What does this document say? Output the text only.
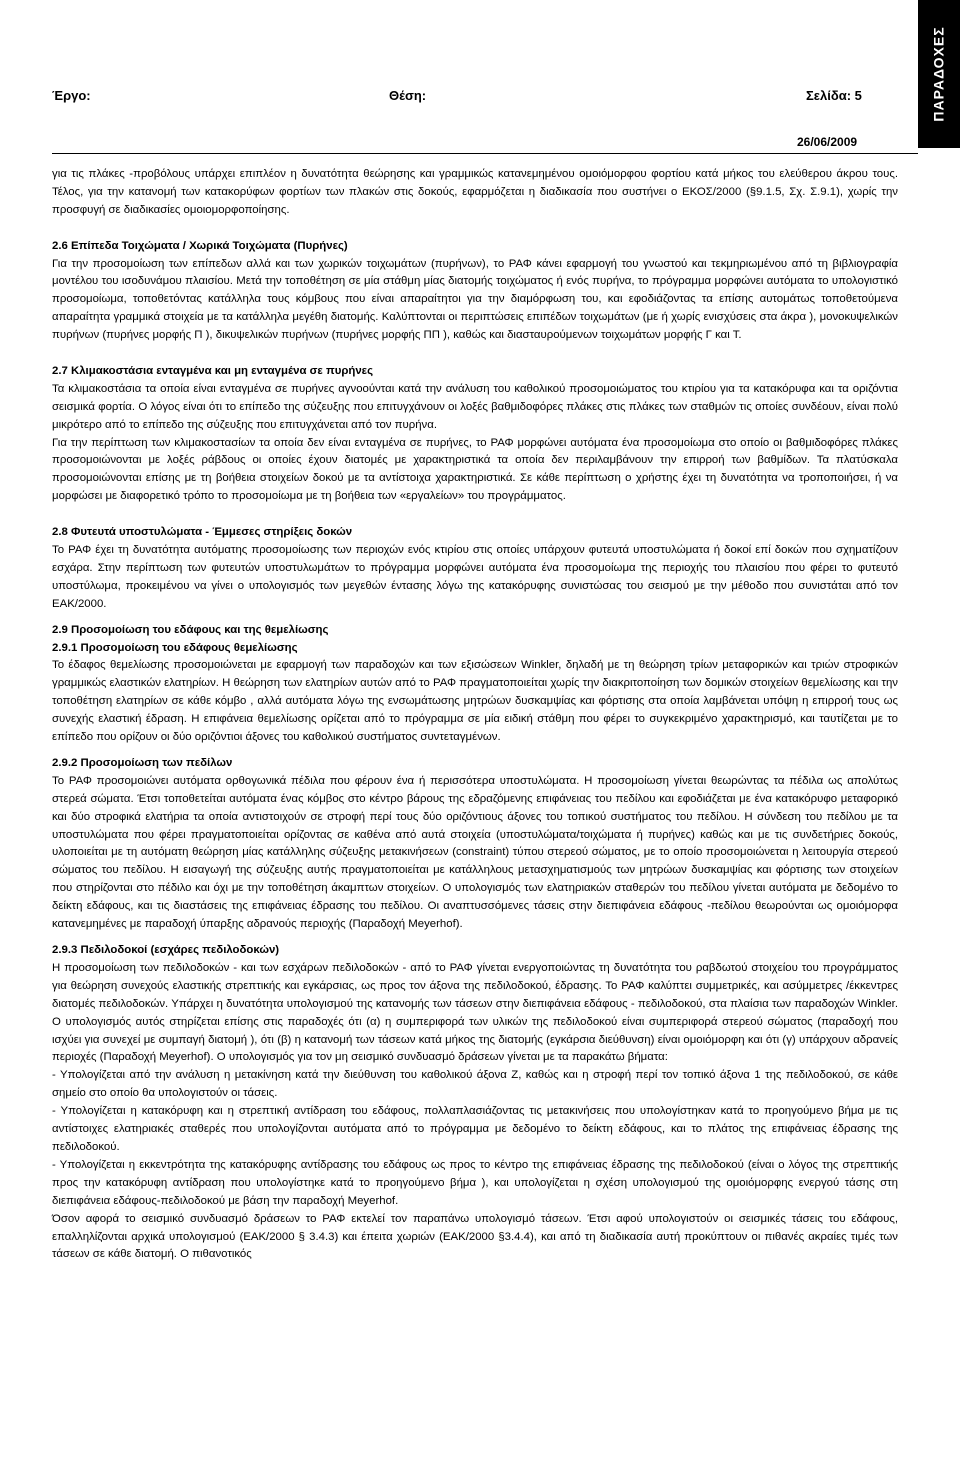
ΠΑΡΑΔΟΧΕΣ
Έργο:	Θέση:	Σελίδα: 5
26/06/2009

για τις πλάκες -προβόλους υπάρχει επιπλέον η δυνατότητα θεώρησης και γραμμικώς κατανεμημένου ομοιόμορφου φορτίου κατά μήκος του ελεύθερου άκρου τους. Τέλος, για την κατανομή των κατακορύφων φορτίων των πλακών στις δοκούς, εφαρμόζεται η διαδικασία που συστήνει ο ΕΚΟΣ/2000 (§9.1.5, Σχ. Σ.9.1), χωρίς την προσφυγή σε διαδικασίες ομοιομορφοποίησης.

2.6 Επίπεδα Τοιχώματα / Χωρικά Τοιχώματα (Πυρήνες)

Για την προσομοίωση των επίπεδων αλλά και των χωρικών τοιχωμάτων (πυρήνων), το ΡΑΦ κάνει εφαρμογή του γνωστού και τεκμηριωμένου από τη βιβλιογραφία μοντέλου του ισοδυνάμου πλαισίου. Μετά την τοποθέτηση σε μία στάθμη μίας διατομής τοιχώματος ή ενός πυρήνα, το πρόγραμμα μορφώνει αυτόματα το υπολογιστικό προσομοίωμα, τοποθετόντας κατάλληλα τους κόμβους που είναι απαραίτητοι για την διαμόρφωση του, και εφοδιάζοντας τα επίσης αυτομάτως τοποθετούμενα απαραίτητα γραμμικά στοιχεία με τα κατάλληλα μεγέθη διατομής. Καλύπτονται οι περιπτώσεις επιπέδων τοιχωμάτων (με ή χωρίς ενισχύσεις στα άκρα ), μονοκυψελικών πυρήνων (πυρήνες μορφής Π ), δικυψελικών πυρήνων (πυρήνες μορφής ΠΠ ), καθώς και διασταυρούμενων τοιχωμάτων μορφής Γ και Τ.

2.7 Κλιμακοστάσια ενταγμένα και μη ενταγμένα σε πυρήνες

Τα κλιμακοστάσια τα οποία είναι ενταγμένα σε πυρήνες αγνοούνται κατά την ανάλυση του καθολικού προσομοιώματος του κτιρίου για τα κατακόρυφα και τα οριζόντια σεισμικά φορτία. Ο λόγος είναι ότι το επίπεδο της σύζευξης που επιτυγχάνουν οι λοξές βαθμιδοφόρες πλάκες στις πλάκες των σταθμών τις οποίες συνδέουν, είναι πολύ μικρότερο από το επίπεδο της σύζευξης που επιτυγχάνεται από τον πυρήνα.

Για την περίπτωση των κλιμακοστασίων τα οποία δεν είναι ενταγμένα σε πυρήνες, το ΡΑΦ μορφώνει αυτόματα ένα προσομοίωμα στο οποίο οι βαθμιδοφόρες πλάκες προσομοιώνονται με λοξές ράβδους οι οποίες έχουν διατομές με χαρακτηριστικά τα οποία δεν περιλαμβάνουν την επιρροή των βαθμίδων. Τα πλατύσκαλα προσομοιώνονται επίσης με τη βοήθεια στοιχείων δοκού με τα αντίστοιχα χαρακτηριστικά. Σε κάθε περίπτωση ο χρήστης έχει τη δυνατότητα να τροποποιήσει, ή να μορφώσει με διαφορετικό τρόπο το προσομοίωμα με τη βοήθεια των «εργαλείων» του προγράμματος.

2.8 Φυτευτά υποστυλώματα - Έμμεσες στηρίξεις δοκών

Το ΡΑΦ έχει τη δυνατότητα αυτόματης προσομοίωσης των περιοχών ενός κτιρίου στις οποίες υπάρχουν φυτευτά υποστυλώματα ή δοκοί επί δοκών που σχηματίζουν εσχάρα. Στην περίπτωση των φυτευτών υποστυλωμάτων το πρόγραμμα μορφώνει αυτόματα ένα προσομοίωμα της περιοχής του πλαισίου που φέρει το φυτευτό υποστύλωμα, προκειμένου να γίνει ο υπολογισμός των μεγεθών έντασης λόγω της κατακόρυφης συνιστώσας του σεισμού με την μέθοδο που συνιστάται από τον ΕΑΚ/2000.

2.9 Προσομοίωση του εδάφους και της θεμελίωσης

2.9.1 Προσομοίωση του εδάφους θεμελίωσης

Το έδαφος θεμελίωσης προσομοιώνεται με εφαρμογή των παραδοχών και των εξισώσεων Winkler, δηλαδή με τη θεώρηση τρίων μεταφορικών και τριών στροφικών γραμμικώς ελαστικών ελατηρίων. Η θεώρηση των ελατηρίων αυτών από το ΡΑΦ πραγματοποιείται χωρίς την διακριτοποίηση των δομικών στοιχείων θεμελίωσης και την τοποθέτηση ελατηρίων σε κάθε κόμβο , αλλά αυτόματα λόγω της ενσωμάτωσης μητρώων δυσκαμψίας και φόρτισης στα οποία λαμβάνεται υπόψη η επιρροή τους ως συνεχής ελαστική έδραση. Η επιφάνεια θεμελίωσης ορίζεται από το πρόγραμμα σε μία ειδική στάθμη που φέρει το συγκεκριμένο χαρακτηρισμό, και ταυτίζεται με το επίπεδο που ορίζουν οι δύο οριζόντιοι άξονες του καθολικού συστήματος συντεταγμένων.

2.9.2 Προσομοίωση των πεδίλων

Το ΡΑΦ προσομοιώνει αυτόματα ορθογωνικά πέδιλα που φέρουν ένα ή περισσότερα υποστυλώματα. Η προσομοίωση γίνεται θεωρώντας τα πέδιλα ως απολύτως στερεά σώματα. Έτσι τοποθετείται αυτόματα ένας κόμβος στο κέντρο βάρους της εδραζόμενης επιφάνειας του πεδίλου και εφοδιάζεται με ένα κατακόρυφο μεταφορικό και δύο στροφικά ελατήρια τα οποία αντιστοιχούν σε στροφή περί τους δύο οριζόντιους άξονες του τοπικού συστήματος του πεδίλου. Η σύνδεση του πεδίλου με τα υποστυλώματα που φέρει πραγματοποιείται ορίζοντας σε καθένα από αυτά στοιχεία (υποστυλώματα/τοιχώματα ή πυρήνες) καθώς και με τις συνδετήριες δοκούς, υλοποιείται με τη αυτόματη θεώρηση μίας κατάλληλης σύζευξης μετακινήσεων (constraint) τύπου στερεού σώματος, με το οποίο προσομοιώνεται η λειτουργία στερεού σώματος του πεδίλου. Η εισαγωγή της σύζευξης αυτής πραγματοποιείται με κατάλληλους μετασχηματισμούς των μητρώων δυσκαμψίας και φόρτισης των στοιχείων που στηρίζονται στο πέδιλο και όχι με την τοποθέτηση άκαμπτων στοιχείων. Ο υπολογισμός των ελατηριακών σταθερών του πεδίλου γίνεται αυτόματα με δεδομένο το δείκτη εδάφους, και τις διαστάσεις της επιφάνειας έδρασης του πεδίλου. Οι αναπτυσσόμενες τάσεις στην διεπιφάνεια εδάφους -πεδίλου θεωρούνται ως ομοιόμορφα κατανεμημένες με παραδοχή ύπαρξης αδρανούς περιοχής (Παραδοχή Meyerhof).

2.9.3 Πεδιλοδοκοί (εσχάρες πεδιλοδοκών)

Η προσομοίωση των πεδιλοδοκών - και των εσχάρων πεδιλοδοκών - από το ΡΑΦ γίνεται ενεργοποιώντας τη δυνατότητα του ραβδωτού στοιχείου του προγράμματος για θεώρηση συνεχούς ελαστικής στρεπτικής και εγκάρσιας, ως προς τον άξονα της πεδιλοδοκού, έδρασης. Το ΡΑΦ καλύπτει συμμετρικές, και ασύμμετρες /έκκεντρες διατομές πεδιλοδοκών. Υπάρχει η δυνατότητα υπολογισμού της κατανομής των τάσεων στην διεπιφάνεια εδάφους - πεδιλοδοκού, στα πλαίσια των παραδοχών Winkler. Ο υπολογισμός αυτός στηρίζεται επίσης στις παραδοχές ότι (α) η συμπεριφορά των υλικών της πεδιλοδοκού είναι συμπεριφορά στερεού σώματος (παραδοχή που ισχύει για συνεχεί με συμπαγή διατομή ), ότι (β) η κατανομή των τάσεων κατά μήκος της διατομής (εγκάρσια διεύθυνση) είναι ομοιόμορφη και ότι (γ) υπάρχουν αδρανείς περιοχές (Παραδοχή Meyerhof). Ο υπολογισμός για τον μη σεισμικό συνδυασμό δράσεων γίνεται με τα παρακάτω βήματα:

- Υπολογίζεται από την ανάλυση η μετακίνηση κατά την διεύθυνση του καθολικού άξονα Ζ, καθώς και η στροφή περί τον τοπικό άξονα 1 της πεδιλοδοκού, σε κάθε σημείο στο οποίο θα υπολογιστούν οι τάσεις.

- Υπολογίζεται η κατακόρυφη και η στρεπτική αντίδραση του εδάφους, πολλαπλασιάζοντας τις μετακινήσεις που υπολογίστηκαν κατά το προηγούμενο βήμα με τις αντίστοιχες ελατηριακές σταθερές που υπολογίζονται αυτόματα από το πρόγραμμα με δεδομένο το δείκτη εδάφους, και το πλάτος της επιφάνειας έδρασης της πεδιλοδοκού.

- Υπολογίζεται η εκκεντρότητα της κατακόρυφης αντίδρασης του εδάφους ως προς το κέντρο της επιφάνειας έδρασης της πεδιλοδοκού (είναι ο λόγος της στρεπτικής προς την κατακόρυφη αντίδραση που υπολογίστηκε κατά το προηγούμενο βήμα ), και υπολογίζεται η σχέση υπολογισμού της ομοιόμορφης ενεργού τάσης στη διεπιφάνεια εδάφους-πεδιλοδοκού με βάση την παραδοχή Meyerhof.

Όσον αφορά το σεισμικό συνδυασμό δράσεων το ΡΑΦ εκτελεί τον παραπάνω υπολογισμό τάσεων. Έτσι αφού υπολογιστούν οι σεισμικές τάσεις του εδάφους, επαλληλίζονται αρχικά υπολογισμού (ΕΑΚ/2000 § 3.4.3) και έπειτα χωριών (ΕΑΚ/2000 §3.4.4), και από τη διαδικασία αυτή προκύπτουν οι πιθανές ακραίες τιμές των τάσεων σε κάθε διατομή. Ο πιθανοτικός
